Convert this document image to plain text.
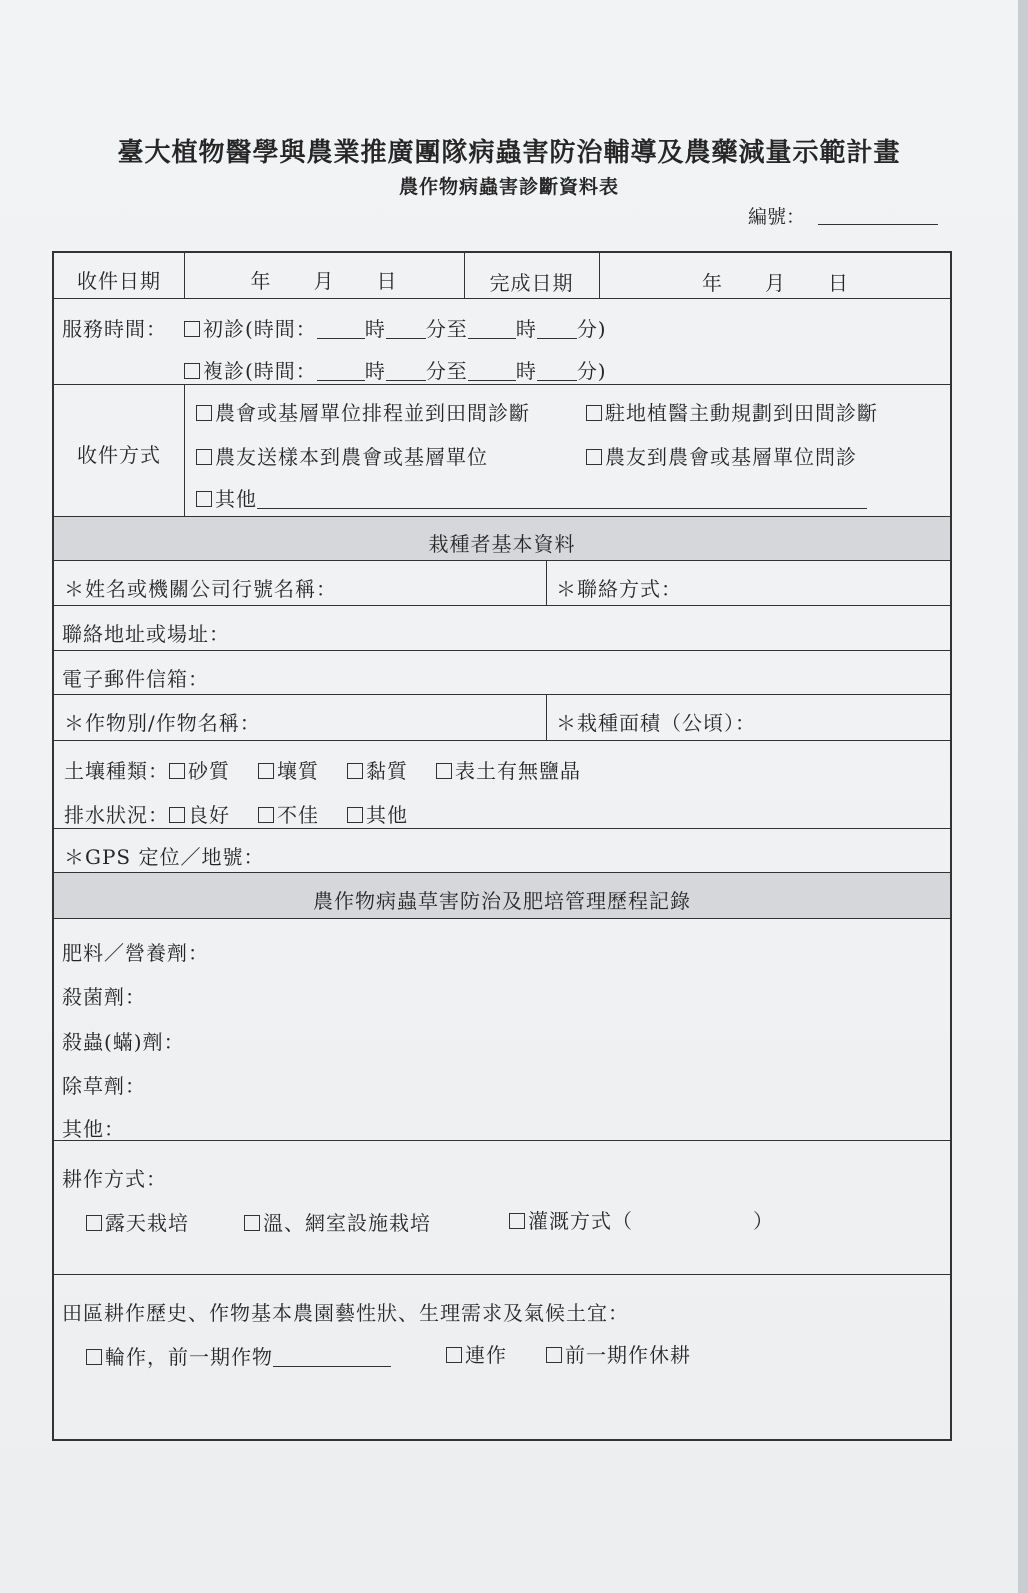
臺大植物醫學與農業推廣團隊病蟲害防治輔導及農藥減量示範計畫
農作物病蟲害診斷資料表
編號：
收件日期	年　　月　　日	完成日期	年　　月　　日
服務時間：	初診(時間： 時 分至 時 分)
複診(時間： 時 分至 時 分)
收件方式
農會或基層單位排程並到田間診斷	駐地植醫主動規劃到田間診斷
農友送樣本到農會或基層單位	農友到農會或基層單位問診
其他
栽種者基本資料
＊姓名或機關公司行號名稱：	＊聯絡方式：
聯絡地址或場址：
電子郵件信箱：
＊作物別/作物名稱：	＊栽種面積（公頃）：
土壤種類： 砂質 壤質 黏質 表土有無鹽晶
排水狀況： 良好 不佳 其他
＊GPS 定位／地號：
農作物病蟲草害防治及肥培管理歷程記錄
肥料／營養劑：
殺菌劑：
殺蟲(蟎)劑：
除草劑：
其他：
耕作方式：
露天栽培	溫、網室設施栽培	灌溉方式（	）
田區耕作歷史、作物基本農園藝性狀、生理需求及氣候土宜：
輪作，前一期作物	連作	前一期作休耕
